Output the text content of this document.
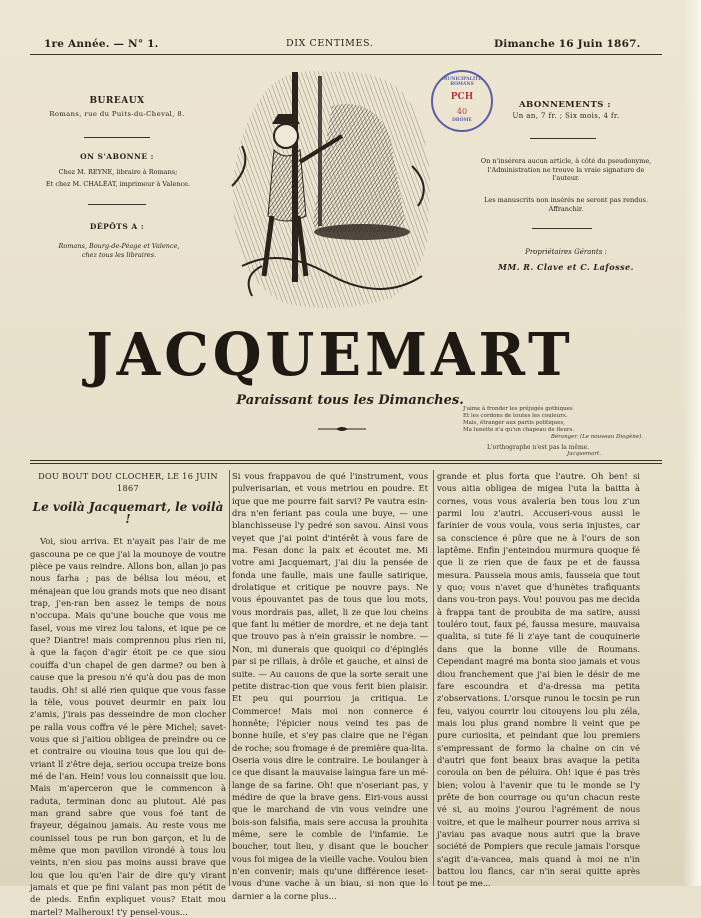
1re Année. — N° 1.	DIX CENTIMES.	Dimanche 16 Juin 1867.
BUREAUX
Romans, rue du Puits-du-Cheval, 8.
ON S'ABONNE :
Chez M. REYNE, libraire à Romans;
Et chez M. CHALÉAT, imprimeur à Valence.
DÉPÔTS A :
Romans, Bourg-de-Péage et Valence, chez tous les libraires.
MUNICIPALITÉ ROMANS
PCH
40
DRÔME
ABONNEMENTS :
Un an, 7 fr. ; Six mois, 4 fr.
On n'insérera aucun article, à côté du pseudonyme, l'Administration ne trouve la vraie signature de l'auteur.
Les manuscrits non insérés ne seront pas rendus. Affranchir.
Propriétaires Gérants :
MM. R. Clave et C. Lafosse.
JACQUEMART
Paraissant tous les Dimanches.
J'aime à fronder les préjugés gothiques
Et les cordons de toutes les couleurs.
Mais, étranger aux partis politiques,
Ma lunette n'a qu'un chapeau de fleurs.
Béranger. (Le nouveau Diogène).
L'orthographe n'est pas la même.
Jacquemart.
DOU BOUT DOU CLOCHER, LE 16 JUIN 1867
Le voilà Jacquemart, le voilà !

Voi, siou arriva. Et n'ayait pas l'air de me gascouna pe ce que j'ai la mounoye de voutre pièce pe vaus reindre. Allons bon, allan jo pas nous farha ; pas de bélisa lou méou, et ménajean que lou grands mots que neo disant trap, j'en-ran ben assez le temps de nous n'occupa. Mais qu'une bouche que vous me fasel, vous me virez lou talons, et ique pe ce que? Diantre! mais comprennou plus rien ni, à que la façon d'agir étoit pe ce que siou couiffa d'un chapel de gen darme? ou ben à cause que la presou n'é qu'à dou pas de mon taudis. Oh! si allé rien quique que vous fasse la tèle, vous pouvet deurmir en paix lou z'amis, j'irais pas desseindre de mon clocher pe ralla vous coffra vé le père Michel; savet-vous que si j'aitiou obligea de preindre ou ce et contraire ou viouina tous que lou qui de-vriant lî z'être deja, seriou occupa treize bons mé de l'an. Hein! vous lou connaissit que lou. Mais m'aperceron que le commencon à raduta, terminan donc au plutout. Alé pas man grand sabre que vous foé tant de frayeur, dégainou jamais. Au reste vous me counissel tous pe run bon garçon, et lu de même que mon pavillon virondé à tous lou veints, n'en siou pas moins aussi brave que lou que lou qu'en l'air de dire qu'y virant jamais et que pe fini valant pas mon pétit de de pieds. Enfin expliquet vous? Etait mou martel? Malheroux! t'y pensel-vous...

Si vous frappavou de qué l'instrument, vous pulverisarian, et vous metriou en poudre. Et ique que me pourre fait sarvi? Pe vautra esin-dra n'en feriant pas coula une buye, — une blanchisseuse l'y pedré son savou. Ainsi vous veyet que j'ai point d'intérêt à vous fare de ma. Fesan donc la paix et écoutet me. Mi votre ami Jacquemart, j'ai diu la pensée de fonda une faulle, mais une faulle satirique, drolatique et critique pe nouvre pays. Ne vous épouvantet pas de tous que lou mots, vous mordrais pas, allet, li ze que lou cheins que fant lu métier de mordre, et ne deja tant que trouvo pas à n'ein graissir le nombre. — Non, mi dunerais que quoiqui co d'épinglés par si pe rillais, à drôle et gauche, et ainsi de suite. — Au cauons de que la sorte serait une petite distrac-tion que vous ferit bien plaisir. Et peu qui pourriou ja critiqua. Le Commerce! Mais moi non connerce é honnête; l'épicier nous veind tes pas de bonne huile, et s'ey pas claire que ne l'égan de roche; sou fromage é de première qua-lita. Oseria vous dire le contraire. Le boulanger à ce que disant la mauvaise laingua fare un mé-lange de sa farine. Oh! que n'oseriant pas, y médire de que la brave gens. Eiri-vous aussi que le marchand de vin vous veindre une bois-son falsifia, mais sere accusa la prouhita même, sere le comble de l'infamie. Le boucher, tout lieu, y disant que le boucher vous foi migea de la vieille vache. Voulou bien n'en convenir; mais qu'une différence ieset-vous d'une vache à un biau, si non que lo darnier a la corne plus...

grande et plus forta que l'autre. Oh ben! si vous aitia obligea de migea l'uta la baitta à cornes, vous vous avaleria ben tous lou z'un parmi lou z'autri. Accuseri-vous aussi le farinier de vous voula, vous seria injustes, car sa conscience é pûre que ne à l'ours de son laptême. Enfin j'enteindou murmura quoque fé que li ze rien que de faux pe et de faussa mesura. Pausseia mous amis, fausseia que tout y quo; vous n'avet que d'hunètes trafiquants dans vou-tron pays. Vou! pouvou pas me decida à frappa tant de proubita de ma satire, aussi touléro tout, faux pé, faussa mesure, mauvaisa qualita, si tute fé li z'aye tant de couquinerie dans que la bonne ville de Roumans. Cependant magré ma bonta sioo jamais et vous diou franchement que j'ai bien le désir de me fare escoundra et d'a-dressa ma petita z'observations. L'orsque runou le tocsin pe run feu, vaiyou courrir lou citouyens lou plu zéla, mais lou plus grand nombre li veint que pe pure curiosita, et peindant que lou premiers s'empressant de formo la chaîne on cin vé d'autri que font beaux bras avaque la petita coroula on ben de péluira. Oh! ique é pas très bien; volou à l'avenir que tu le monde se l'y prête de bon courrage ou qu'un chacun reste vé si, au moins j'ourou l'agrément de nous voitre, et que le malheur pourrer nous arriva si j'aviau pas avaque nous autri que la brave société de Pompiers que recule jamais l'orsque s'agit d'a-vancea, mais quand à moi ne n'in battou lou flancs, car n'in serai quitte après tout pe me...
